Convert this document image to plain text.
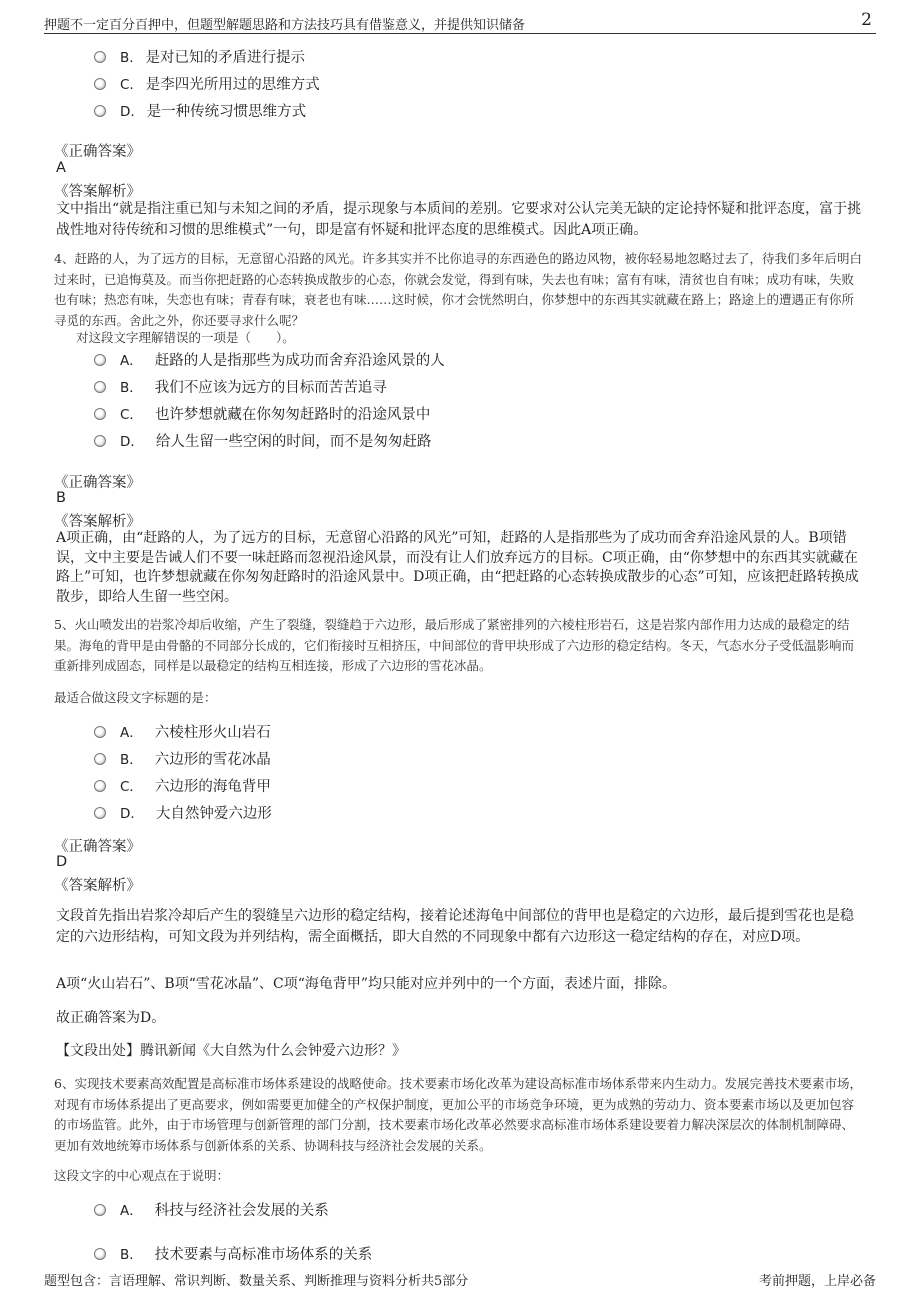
押题不一定百分百押中，但题型解题思路和方法技巧具有借鉴意义，并提供知识储备	2
B. 是对已知的矛盾进行提示
C. 是李四光所用过的思维方式
D. 是一种传统习惯思维方式
《正确答案》
A
《答案解析》
文中指出“就是指注重已知与未知之间的矛盾，提示现象与本质间的差别。它要求对公认完美无缺的定论持怀疑和批评态度，富于挑战性地对待传统和习惯的思维模式”一句，即是富有怀疑和批评态度的思维模式。因此A项正确。
4、赶路的人，为了远方的目标，无意留心沿路的风光。许多其实并不比你追寻的东西逊色的路边风物，被你轻易地忽略过去了，待我们多年后明白过来时，已追悔莫及。而当你把赶路的心态转换成散步的心态，你就会发觉，得到有味，失去也有味；富有有味，清贫也自有味；成功有味，失败也有味；热恋有味，失恋也有味；青春有味，衰老也有味……这时候，你才会恍然明白，你梦想中的东西其实就藏在路上；路途上的遭遇正有你所寻觅的东西。舍此之外，你还要寻求什么呢？
对这段文字理解错误的一项是（　　）。
A． 赶路的人是指那些为成功而舍弃沿途风景的人
B． 我们不应该为远方的目标而苦苦追寻
C． 也许梦想就藏在你匆匆赶路时的沿途风景中
D． 给人生留一些空闲的时间，而不是匆匆赶路
《正确答案》
B
《答案解析》
A项正确，由“赶路的人，为了远方的目标，无意留心沿路的风光”可知，赶路的人是指那些为了成功而舍弃沿途风景的人。B项错误，文中主要是告诫人们不要一味赶路而忽视沿途风景，而没有让人们放弃远方的目标。C项正确，由“你梦想中的东西其实就藏在路上”可知，也许梦想就藏在你匆匆赶路时的沿途风景中。D项正确，由“把赶路的心态转换成散步的心态”可知，应该把赶路转换成散步，即给人生留一些空闲。
5、火山喷发出的岩浆冷却后收缩，产生了裂缝，裂缝趋于六边形，最后形成了紧密排列的六棱柱形岩石，这是岩浆内部作用力达成的最稳定的结果。海龟的背甲是由骨骼的不同部分长成的，它们衔接时互相挤压，中间部位的背甲块形成了六边形的稳定结构。冬天，气态水分子受低温影响而重新排列成固态，同样是以最稳定的结构互相连接，形成了六边形的雪花冰晶。
最适合做这段文字标题的是：
A． 六棱柱形火山岩石
B． 六边形的雪花冰晶
C． 六边形的海龟背甲
D． 大自然钟爱六边形
《正确答案》
D
《答案解析》
文段首先指出岩浆冷却后产生的裂缝呈六边形的稳定结构，接着论述海龟中间部位的背甲也是稳定的六边形，最后提到雪花也是稳定的六边形结构，可知文段为并列结构，需全面概括，即大自然的不同现象中都有六边形这一稳定结构的存在，对应D项。
A项“火山岩石”、B项“雪花冰晶”、C项“海龟背甲”均只能对应并列中的一个方面，表述片面，排除。
故正确答案为D。
【文段出处】腾讯新闻《大自然为什么会钟爱六边形？》
6、实现技术要素高效配置是高标准市场体系建设的战略使命。技术要素市场化改革为建设高标准市场体系带来内生动力。发展完善技术要素市场，对现有市场体系提出了更高要求，例如需要更加健全的产权保护制度，更加公平的市场竞争环境，更为成熟的劳动力、资本要素市场以及更加包容的市场监管。此外，由于市场管理与创新管理的部门分割，技术要素市场化改革必然要求高标准市场体系建设要着力解决深层次的体制机制障碍、更加有效地统筹市场体系与创新体系的关系、协调科技与经济社会发展的关系。
这段文字的中心观点在于说明：
A． 科技与经济社会发展的关系
B． 技术要素与高标准市场体系的关系
题型包含：言语理解、常识判断、数量关系、判断推理与资料分析共5部分	考前押题，上岸必备
